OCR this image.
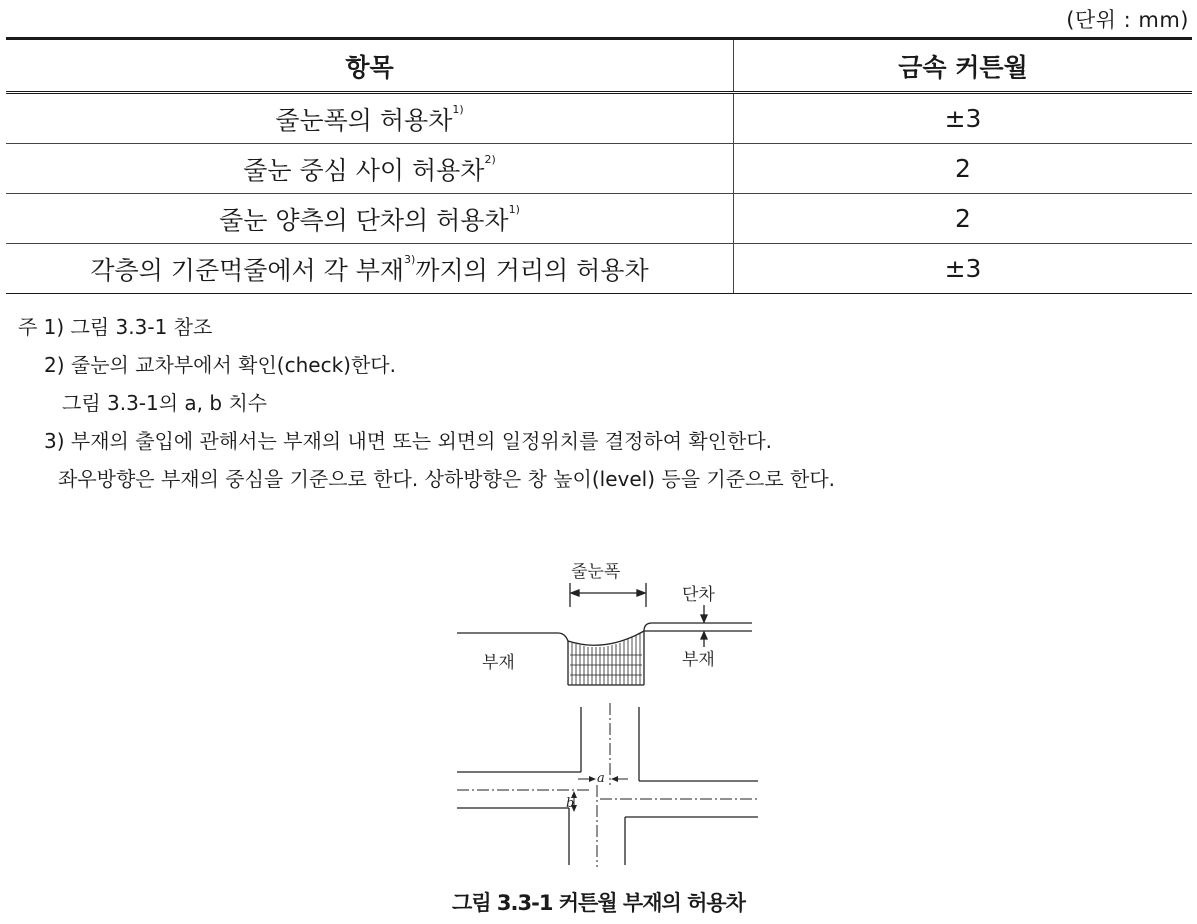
(단위 : mm)
항목	금속 커튼월
줄눈폭의 허용차$^{1)}$	±3
줄눈 중심 사이 허용차$^{2)}$	2
줄눈 양측의 단차의 허용차$^{1)}$	2
각층의 기준먹줄에서 각 부재$^{3)}$까지의 거리의 허용차	±3
주 1) 그림 3.3-1 참조
2) 줄눈의 교차부에서 확인(check)한다.
그림 3.3-1의 a, b 치수
3) 부재의 출입에 관해서는 부재의 내면 또는 외면의 일정위치를 결정하여 확인한다.
좌우방향은 부재의 중심을 기준으로 한다. 상하방향은 창 높이(level) 등을 기준으로 한다.
줄눈폭
단차
부재	부재
a
b
그림 3.3-1 커튼월 부재의 허용차
